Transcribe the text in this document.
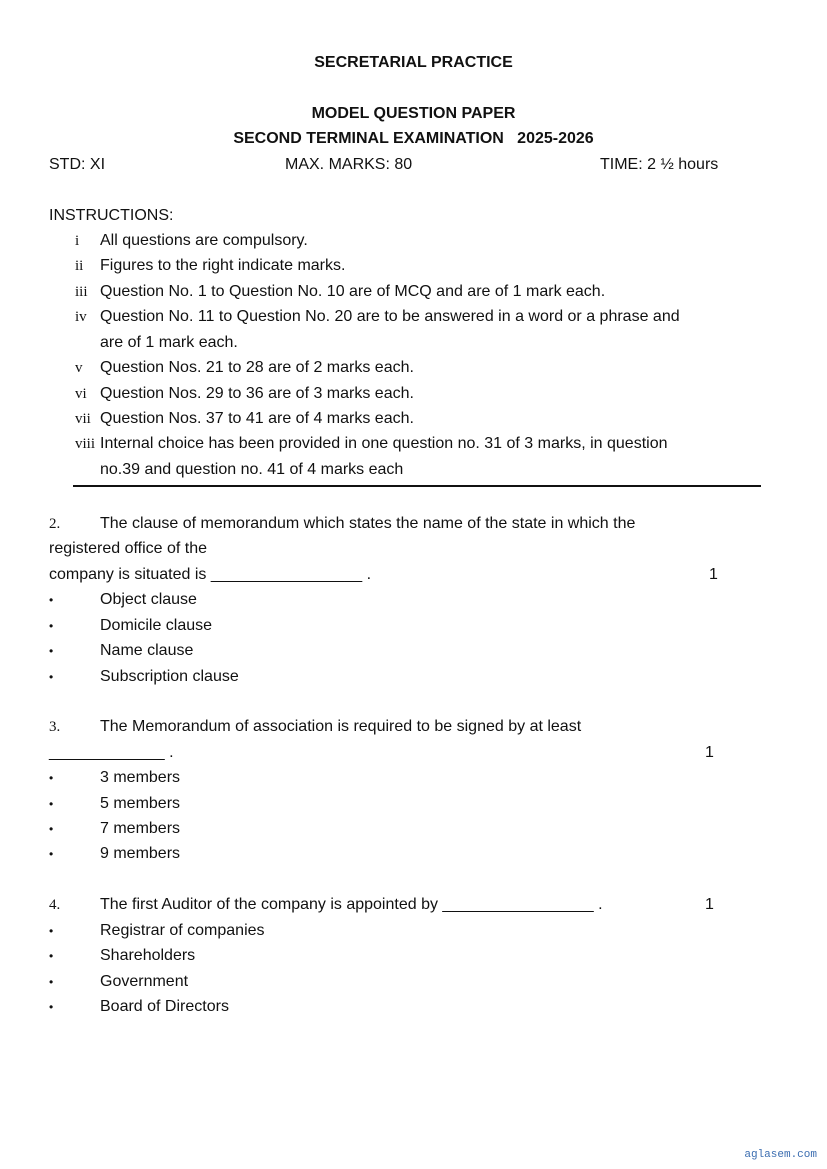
SECRETARIAL PRACTICE
MODEL QUESTION PAPER
SECOND TERMINAL EXAMINATION   2025-2026
STD: XI	MAX. MARKS: 80	TIME: 2 ½ hours
INSTRUCTIONS:
i All questions are compulsory.
ii Figures to the right indicate marks.
iii Question No. 1 to Question No. 10 are of MCQ and are of 1 mark each.
iv Question No. 11 to Question No. 20 are to be answered in a word or a phrase and
are of 1 mark each.
v Question Nos. 21 to 28 are of 2 marks each.
vi Question Nos. 29 to 36 are of 3 marks each.
vii Question Nos. 37 to 41 are of 4 marks each.
viii Internal choice has been provided in one question no. 31 of 3 marks, in question
no.39 and question no. 41 of 4 marks each
2. The clause of memorandum which states the name of the state in which the
registered office of the
company is situated is _________________ .	1
•	Object clause
•	Domicile clause
•	Name clause
•	Subscription clause
3. The Memorandum of association is required to be signed by at least
_____________ .	1
•	3 members
•	5 members
•	7 members
•	9 members
4. The first Auditor of the company is appointed by _________________ .	1
•	Registrar of companies
•	Shareholders
•	Government
•	Board of Directors
aglasem.com
